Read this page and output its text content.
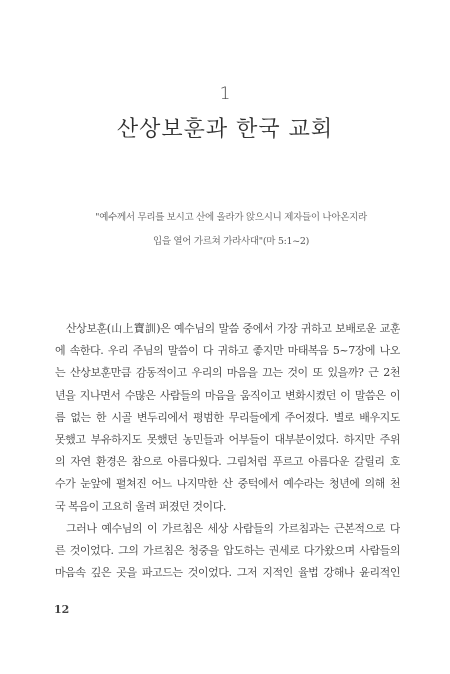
1
산상보훈과 한국 교회
"예수께서 무리를 보시고 산에 올라가 앉으시니 제자들이 나아온지라
입을 열어 가르쳐 가라사대"(마 5:1~2)
산상보훈(山上寶訓)은 예수님의 말씀 중에서 가장 귀하고 보배로운 교훈
에 속한다. 우리 주님의 말씀이 다 귀하고 좋지만 마태복음 5~7장에 나오
는 산상보훈만큼 감동적이고 우리의 마음을 끄는 것이 또 있을까? 근 2천
년을 지나면서 수많은 사람들의 마음을 움직이고 변화시켰던 이 말씀은 이
름 없는 한 시골 변두리에서 평범한 무리들에게 주어졌다. 별로 배우지도
못했고 부유하지도 못했던 농민들과 어부들이 대부분이었다. 하지만 주위
의 자연 환경은 참으로 아름다웠다. 그림처럼 푸르고 아름다운 갈릴리 호
수가 눈앞에 펼쳐진 어느 나지막한 산 중턱에서 예수라는 청년에 의해 천
국 복음이 고요히 울려 퍼졌던 것이다.
그러나 예수님의 이 가르침은 세상 사람들의 가르침과는 근본적으로 다
른 것이었다. 그의 가르침은 청중을 압도하는 권세로 다가왔으며 사람들의
마음속 깊은 곳을 파고드는 것이었다. 그저 지적인 율법 강해나 윤리적인
12
